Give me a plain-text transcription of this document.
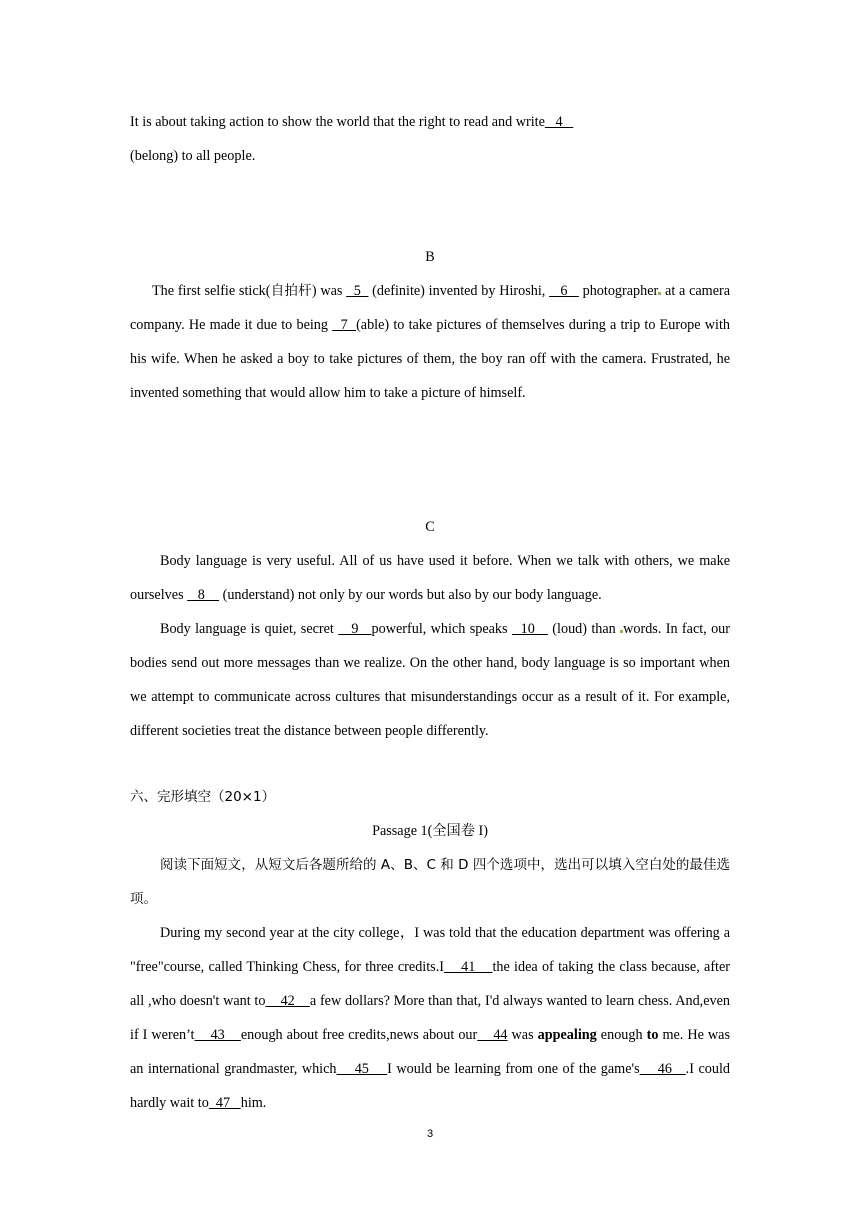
It is about taking action to show the world that the right to read and write   4
(belong) to all people.

B

The first selfie stick(自拍杆) was   5   (definite) invented by Hiroshi,    6    photographer at a camera company. He made it due to being   7  (able) to take pictures of themselves during a trip to Europe with his wife. When he asked a boy to take pictures of them, the boy ran off with the camera. Frustrated, he invented something that would allow him to take a picture of himself.

C

Body language is very useful. All of us have used it before. When we talk with others, we make ourselves    8     (understand) not only by our words but also by our body language.

Body language is quiet, secret    9   powerful, which speaks   10    (loud) than words. In fact, our bodies send out more messages than we realize. On the other hand, body language is so important when we attempt to communicate across cultures that misunderstandings occur as a result of it. For example, different societies treat the distance between people differently.

六、完形填空（20×1）

Passage 1(全国卷 I)

阅读下面短文，从短文后各题所给的 A、B、C 和 D 四个选项中，选出可以填入空白处的最佳选项。

During my second year at the city college，I was told that the education department was offering a "free"course, called Thinking Chess, for three credits.I    41    the idea of taking the class because, after all ,who doesn't want to    42    a few dollars? More than that, I'd always wanted to learn chess. And,even if I weren’t    43    enough about free credits,news about our    44 was appealing enough to me. He was an international grandmaster, which    45    I would be learning from one of the game's    46   .I could hardly wait to  47   him.

3
